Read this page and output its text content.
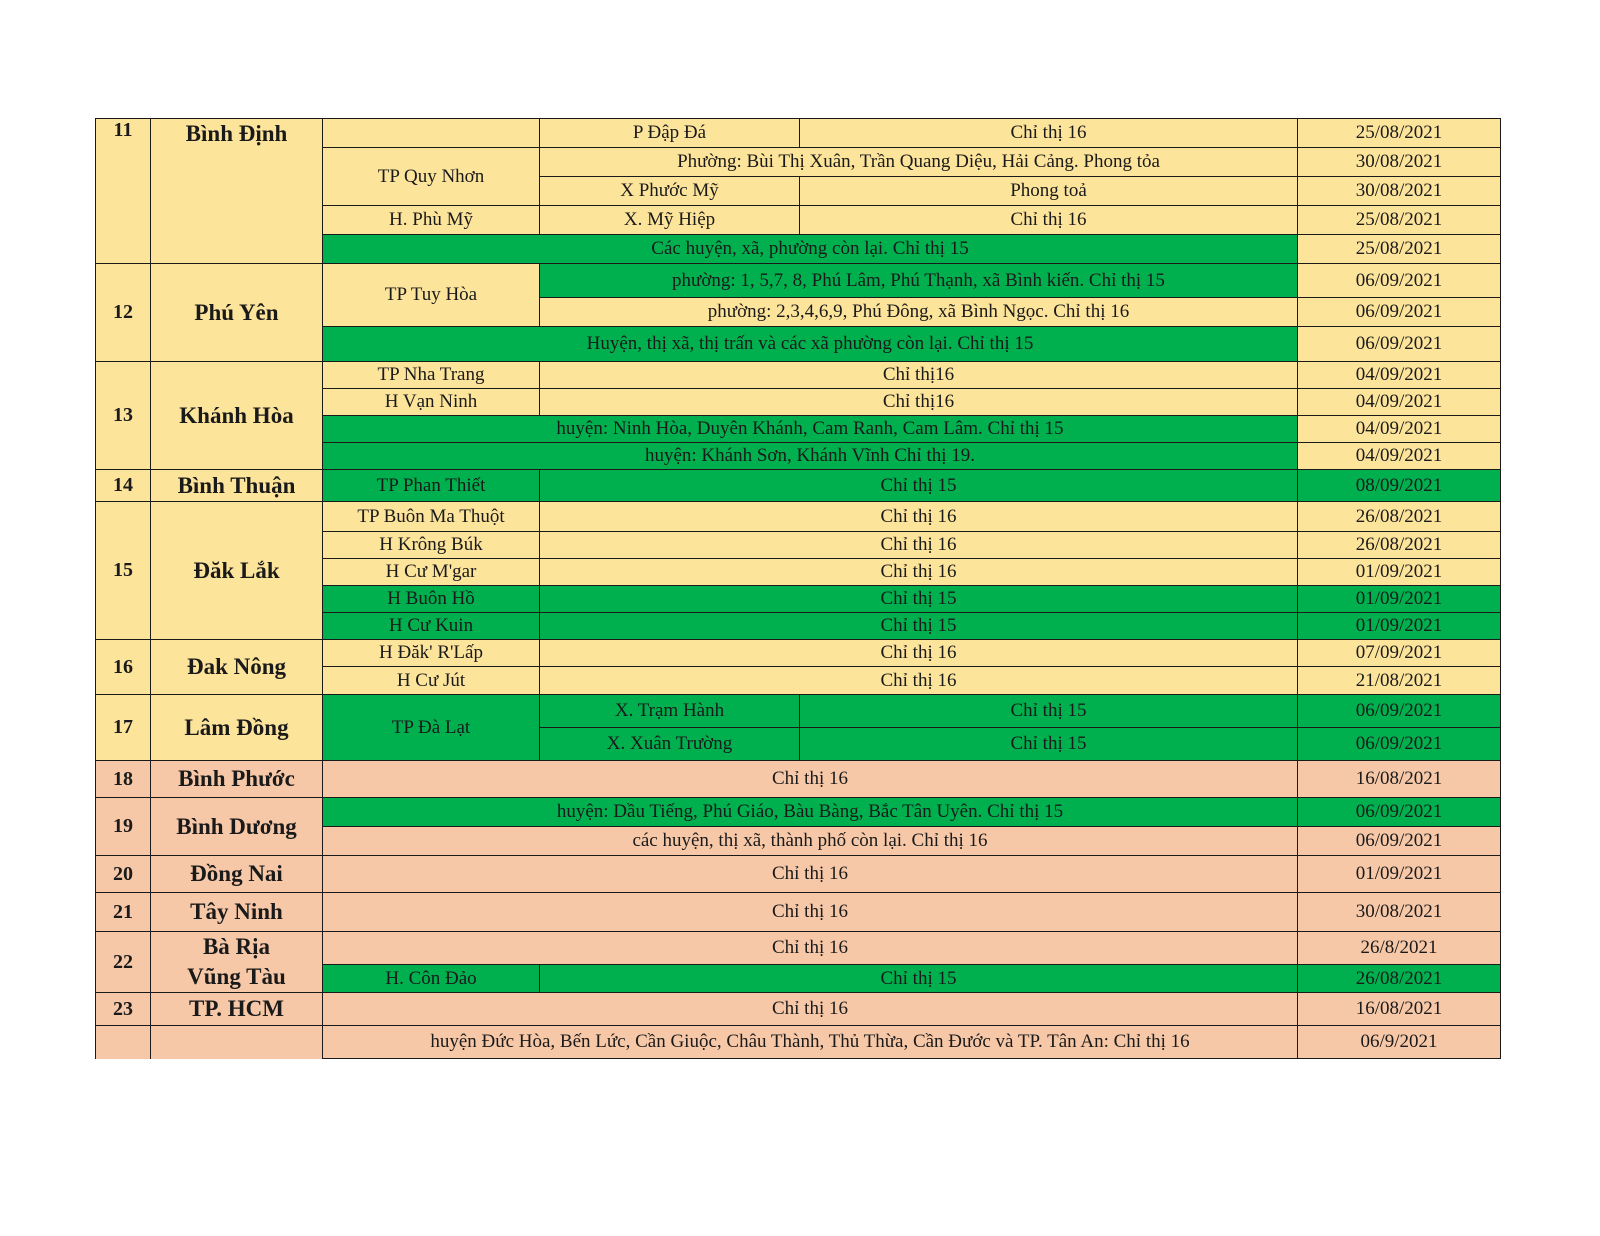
11	Bình Định		P Đập Đá	Chỉ thị 16	25/08/2021
		TP Quy Nhơn	Phường: Bùi Thị Xuân, Trần Quang Diệu, Hải Cảng. Phong tỏa		30/08/2021
			X Phước Mỹ	Phong toả	30/08/2021
		H. Phù Mỹ	X. Mỹ Hiệp	Chỉ thị 16	25/08/2021
		Các huyện, xã, phường còn lại. Chỉ thị 15			25/08/2021
12	Phú Yên	TP Tuy Hòa	phường: 1, 5,7, 8, Phú Lâm, Phú Thạnh, xã Bình kiến. Chỉ thị 15		06/09/2021
			phường: 2,3,4,6,9, Phú Đông, xã Bình Ngọc. Chỉ thị 16		06/09/2021
		Huyện, thị xã, thị trấn và các xã phường còn lại. Chỉ thị 15			06/09/2021
13	Khánh Hòa	TP Nha Trang	Chỉ thị16		04/09/2021
		H Vạn Ninh	Chỉ thị16		04/09/2021
		huyện: Ninh Hòa, Duyên Khánh, Cam Ranh, Cam Lâm. Chỉ thị 15			04/09/2021
		huyện: Khánh Sơn, Khánh Vĩnh Chỉ thị 19.			04/09/2021
14	Bình Thuận	TP Phan Thiết	Chỉ thị 15		08/09/2021
15	Đăk Lắk	TP Buôn Ma Thuột	Chỉ thị 16		26/08/2021
		H Krông Búk	Chỉ thị 16		26/08/2021
		H Cư M'gar	Chỉ thị 16		01/09/2021
		H Buôn Hồ	Chỉ thị 15		01/09/2021
		H Cư Kuin	Chỉ thị 15		01/09/2021
16	Đak Nông	H Đăk' R'Lấp	Chỉ thị 16		07/09/2021
		H Cư Jút	Chỉ thị 16		21/08/2021
17	Lâm Đồng	TP Đà Lạt	X. Trạm Hành	Chỉ thị 15	06/09/2021
			X. Xuân Trường	Chỉ thị 15	06/09/2021
18	Bình Phước	Chỉ thị 16			16/08/2021
19	Bình Dương	huyện: Dầu Tiếng, Phú Giáo, Bàu Bàng, Bắc Tân Uyên. Chỉ thị 15			06/09/2021
		các huyện, thị xã, thành phố còn lại. Chỉ thị 16			06/09/2021
20	Đồng Nai	Chỉ thị 16			01/09/2021
21	Tây Ninh	Chỉ thị 16			30/08/2021
22	Bà Rịa Vũng Tàu	Chỉ thị 16			26/8/2021
		H. Côn Đảo	Chỉ thị 15		26/08/2021
23	TP. HCM	Chỉ thị 16			16/08/2021
		huyện Đức Hòa, Bến Lức, Cần Giuộc, Châu Thành, Thủ Thừa, Cần Đước và TP. Tân An: Chỉ thị 16			06/9/2021
